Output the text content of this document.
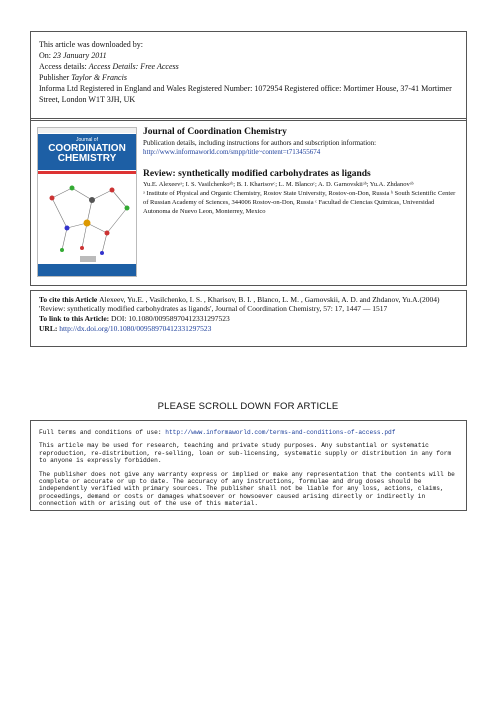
This article was downloaded by:
On: 23 January 2011
Access details: Access Details: Free Access
Publisher Taylor & Francis
Informa Ltd Registered in England and Wales Registered Number: 1072954 Registered office: Mortimer House, 37-41 Mortimer Street, London W1T 3JH, UK
Journal of
COORDINATION
CHEMISTRY
Journal of Coordination Chemistry
Publication details, including instructions for authors and subscription information:
http://www.informaworld.com/smpp/title~content=t713455674
Review: synthetically modified carbohydrates as ligands
Yu.E. Alexeevᵃ; I. S. Vasilchenkoᵃᵇ; B. I. Kharisovᶜ; L. M. Blancoᶜ; A. D. Garnovskiiᵃᵇ; Yu.A. Zhdanovᵃᵇ
ᵃ Institute of Physical and Organic Chemistry, Rostov State University, Rostov-on-Don, Russia ᵇ South Scientific Center of Russian Academy of Sciences, 344006 Rostov-on-Don, Russia ᶜ Facultad de Ciencias Quimicas, Universidad Autonoma de Nuevo Leon, Monterrey, Mexico
To cite this Article Alexeev, Yu.E. , Vasilchenko, I. S. , Kharisov, B. I. , Blanco, L. M. , Garnovskii, A. D. and Zhdanov, Yu.A.(2004) 'Review: synthetically modified carbohydrates as ligands', Journal of Coordination Chemistry, 57: 17, 1447 — 1517
To link to this Article: DOI: 10.1080/00958970412331297523
URL: http://dx.doi.org/10.1080/00958970412331297523
PLEASE SCROLL DOWN FOR ARTICLE

Full terms and conditions of use: http://www.informaworld.com/terms-and-conditions-of-access.pdf

This article may be used for research, teaching and private study purposes. Any substantial or systematic reproduction, re-distribution, re-selling, loan or sub-licensing, systematic supply or distribution in any form to anyone is expressly forbidden.

The publisher does not give any warranty express or implied or make any representation that the contents will be complete or accurate or up to date. The accuracy of any instructions, formulae and drug doses should be independently verified with primary sources. The publisher shall not be liable for any loss, actions, claims, proceedings, demand or costs or damages whatsoever or howsoever caused arising directly or indirectly in connection with or arising out of the use of this material.
